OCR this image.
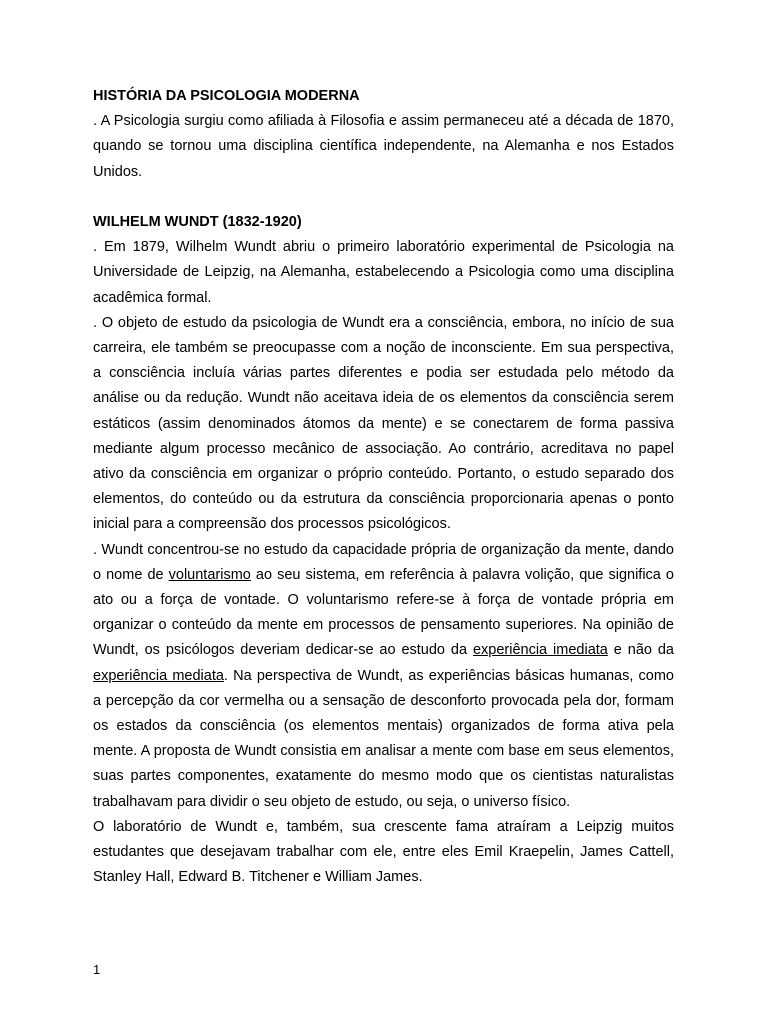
HISTÓRIA DA PSICOLOGIA MODERNA

. A Psicologia surgiu como afiliada à Filosofia e assim permaneceu até a década de 1870, quando se tornou uma disciplina científica independente, na Alemanha e nos Estados Unidos.

WILHELM WUNDT (1832-1920)

. Em 1879, Wilhelm Wundt abriu o primeiro laboratório experimental de Psicologia na Universidade de Leipzig, na Alemanha, estabelecendo a Psicologia como uma disciplina acadêmica formal.

. O objeto de estudo da psicologia de Wundt era a consciência, embora, no início de sua carreira, ele também se preocupasse com a noção de inconsciente. Em sua perspectiva, a consciência incluía várias partes diferentes e podia ser estudada pelo método da análise ou da redução. Wundt não aceitava ideia de os elementos da consciência serem estáticos (assim denominados átomos da mente) e se conectarem de forma passiva mediante algum processo mecânico de associação. Ao contrário, acreditava no papel ativo da consciência em organizar o próprio conteúdo. Portanto, o estudo separado dos elementos, do conteúdo ou da estrutura da consciência proporcionaria apenas o ponto inicial para a compreensão dos processos psicológicos.

. Wundt concentrou-se no estudo da capacidade própria de organização da mente, dando o nome de voluntarismo ao seu sistema, em referência à palavra volição, que significa o ato ou a força de vontade. O voluntarismo refere-se à força de vontade própria em organizar o conteúdo da mente em processos de pensamento superiores. Na opinião de Wundt, os psicólogos deveriam dedicar-se ao estudo da experiência imediata e não da experiência mediata. Na perspectiva de Wundt, as experiências básicas humanas, como a percepção da cor vermelha ou a sensação de desconforto provocada pela dor, formam os estados da consciência (os elementos mentais) organizados de forma ativa pela mente. A proposta de Wundt consistia em analisar a mente com base em seus elementos, suas partes componentes, exatamente do mesmo modo que os cientistas naturalistas trabalhavam para dividir o seu objeto de estudo, ou seja, o universo físico.

O laboratório de Wundt e, também, sua crescente fama atraíram a Leipzig muitos estudantes que desejavam trabalhar com ele, entre eles Emil Kraepelin, James Cattell, Stanley Hall, Edward B. Titchener e William James.

1
